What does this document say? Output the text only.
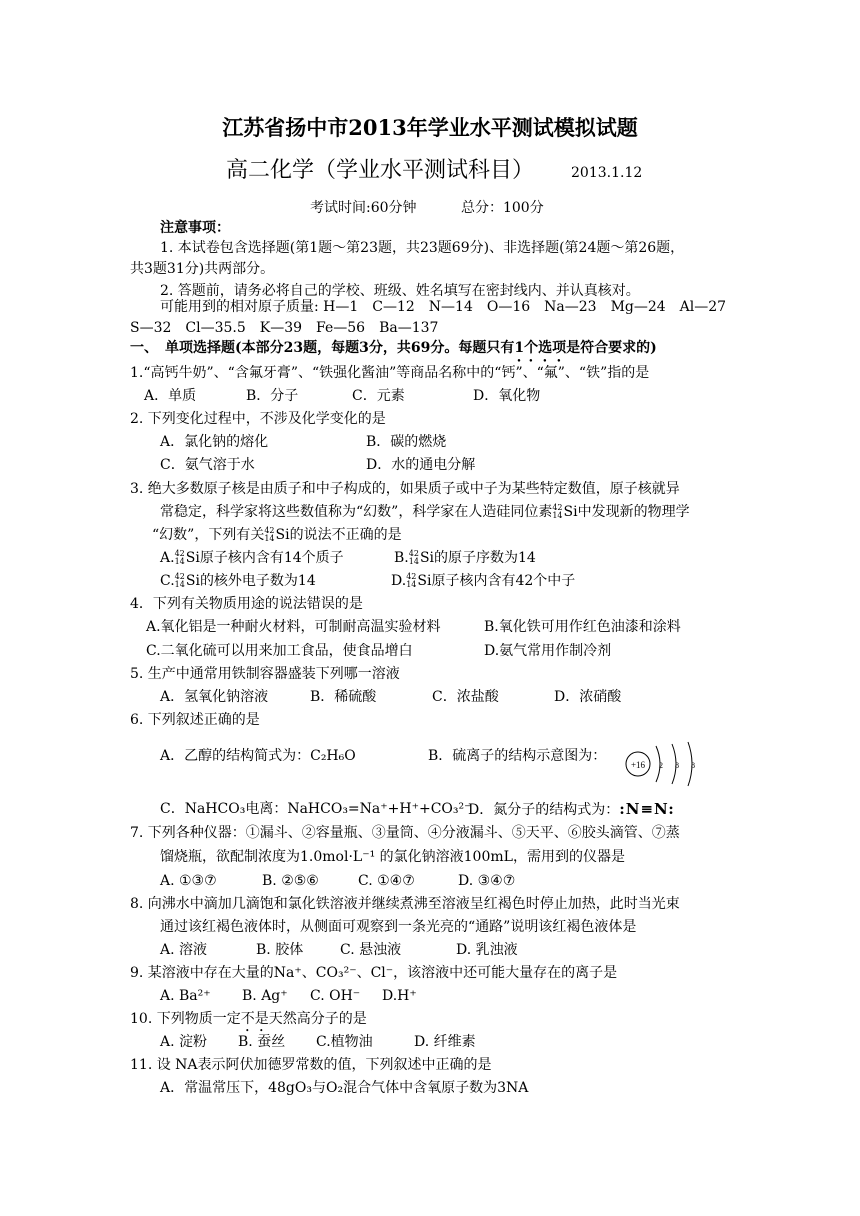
江苏省扬中市2013年学业水平测试模拟试题
高二化学（学业水平测试科目）	2013.1.12
考试时间:60分钟	总分：100分
注意事项：
1. 本试卷包含选择题(第1题～第23题，共23题69分)、非选择题(第24题～第26题，
共3题31分)共两部分。
2. 答题前，请务必将自己的学校、班级、姓名填写在密封线内、并认真核对。
可能用到的相对原子质量: H—1　C—12　N—14　O—16　Na—23　Mg—24　Al—27
S—32　Cl—35.5　K—39　Fe—56　Ba—137
一、　单项选择题(本部分23题，每题3分，共69分。每题只有1个选项是符合要求的)
1.“高钙牛奶”、“含氟牙膏”、“铁强化酱油”等商品名称中的“钙”、“氟”、“铁”指的是
A．单质	B．分子	C．元素	D．氧化物
2. 下列变化过程中，不涉及化学变化的是
A．氯化钠的熔化	B．碳的燃烧
C．氨气溶于水	D．水的通电分解
3. 绝大多数原子核是由质子和中子构成的，如果质子或中子为某些特定数值，原子核就异
常稳定，科学家将这些数值称为“幻数”，科学家在人造硅同位素 42
14 Si中发现新的物理学
“幻数”，下列有关 42
14 Si的说法不正确的是
A. 42
14 Si原子核内含有14个质子	B. 42
14 Si的原子序数为14
C. 42
14 Si的核外电子数为14	D. 42
14 Si原子核内含有42个中子
4．下列有关物质用途的说法错误的是
A.氧化铝是一种耐火材料，可制耐高温实验材料	B.氧化铁可用作红色油漆和涂料
C.二氧化硫可以用来加工食品，使食品增白	D.氨气常用作制冷剂
5. 生产中通常用铁制容器盛装下列哪一溶液
A．氢氧化钠溶液	B．稀硫酸	C．浓盐酸	D．浓硝酸
6. 下列叙述正确的是
A．乙醇的结构简式为：C₂H₆O	B．硫离子的结构示意图为：
+16 2 8 8
C．NaHCO₃电离：NaHCO₃=Na⁺+H⁺+CO₃²⁻
D．氮分子的结构式为：:N≡N:
7. 下列各种仪器：①漏斗、②容量瓶、③量筒、④分液漏斗、⑤天平、⑥胶头滴管、⑦蒸
馏烧瓶，欲配制浓度为1.0mol·L⁻¹ 的氯化钠溶液100mL，需用到的仪器是
A. ①③⑦	B. ②⑤⑥	C. ①④⑦	D. ③④⑦
8. 向沸水中滴加几滴饱和氯化铁溶液并继续煮沸至溶液呈红褐色时停止加热，此时当光束
通过该红褐色液体时，从侧面可观察到一条光亮的“通路”说明该红褐色液体是
A. 溶液	B. 胶体	C. 悬浊液	D. 乳浊液
9. 某溶液中存在大量的Na⁺、CO₃²⁻、Cl⁻，该溶液中还可能大量存在的离子是
A. Ba²⁺ B. Ag⁺ C. OH⁻ D.H⁺
10. 下列物质一定不是天然高分子的是
A. 淀粉 B. 蚕丝 C.植物油	D. 纤维素
11. 设 NA表示阿伏加德罗常数的值，下列叙述中正确的是
A．常温常压下，48gO₃与O₂混合气体中含氧原子数为3NA
